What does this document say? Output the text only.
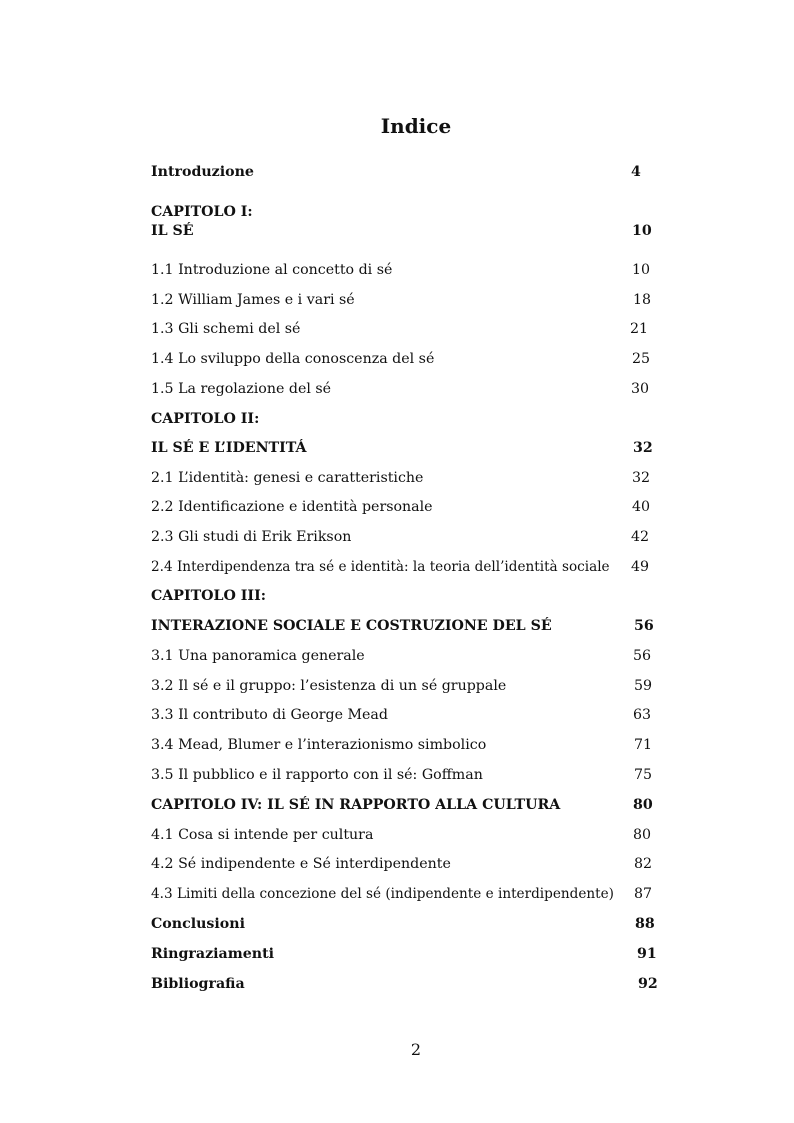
Indice
Introduzione	4
CAPITOLO I:
IL SÉ	10
1.1 Introduzione al concetto di sé	10
1.2 William James e i vari sé	18
1.3 Gli schemi del sé	21
1.4 Lo sviluppo della conoscenza del sé	25
1.5 La regolazione del sé	30
CAPITOLO II:
IL SÉ E L’IDENTITÁ	32
2.1 L’identità: genesi e caratteristiche	32
2.2 Identificazione e identità personale	40
2.3 Gli studi di Erik Erikson	42
2.4 Interdipendenza tra sé e identità: la teoria dell’identità sociale 49
CAPITOLO III:
INTERAZIONE SOCIALE E COSTRUZIONE DEL SÉ	56
3.1 Una panoramica generale	56
3.2 Il sé e il gruppo: l’esistenza di un sé gruppale	59
3.3 Il contributo di George Mead	63
3.4 Mead, Blumer e l’interazionismo simbolico	71
3.5 Il pubblico e il rapporto con il sé: Goffman	75
CAPITOLO IV: IL SÉ IN RAPPORTO ALLA CULTURA	80
4.1 Cosa si intende per cultura	80
4.2 Sé indipendente e Sé interdipendente	82
4.3 Limiti della concezione del sé (indipendente e interdipendente) 87
Conclusioni	88
Ringraziamenti	91
Bibliografia	92
2
